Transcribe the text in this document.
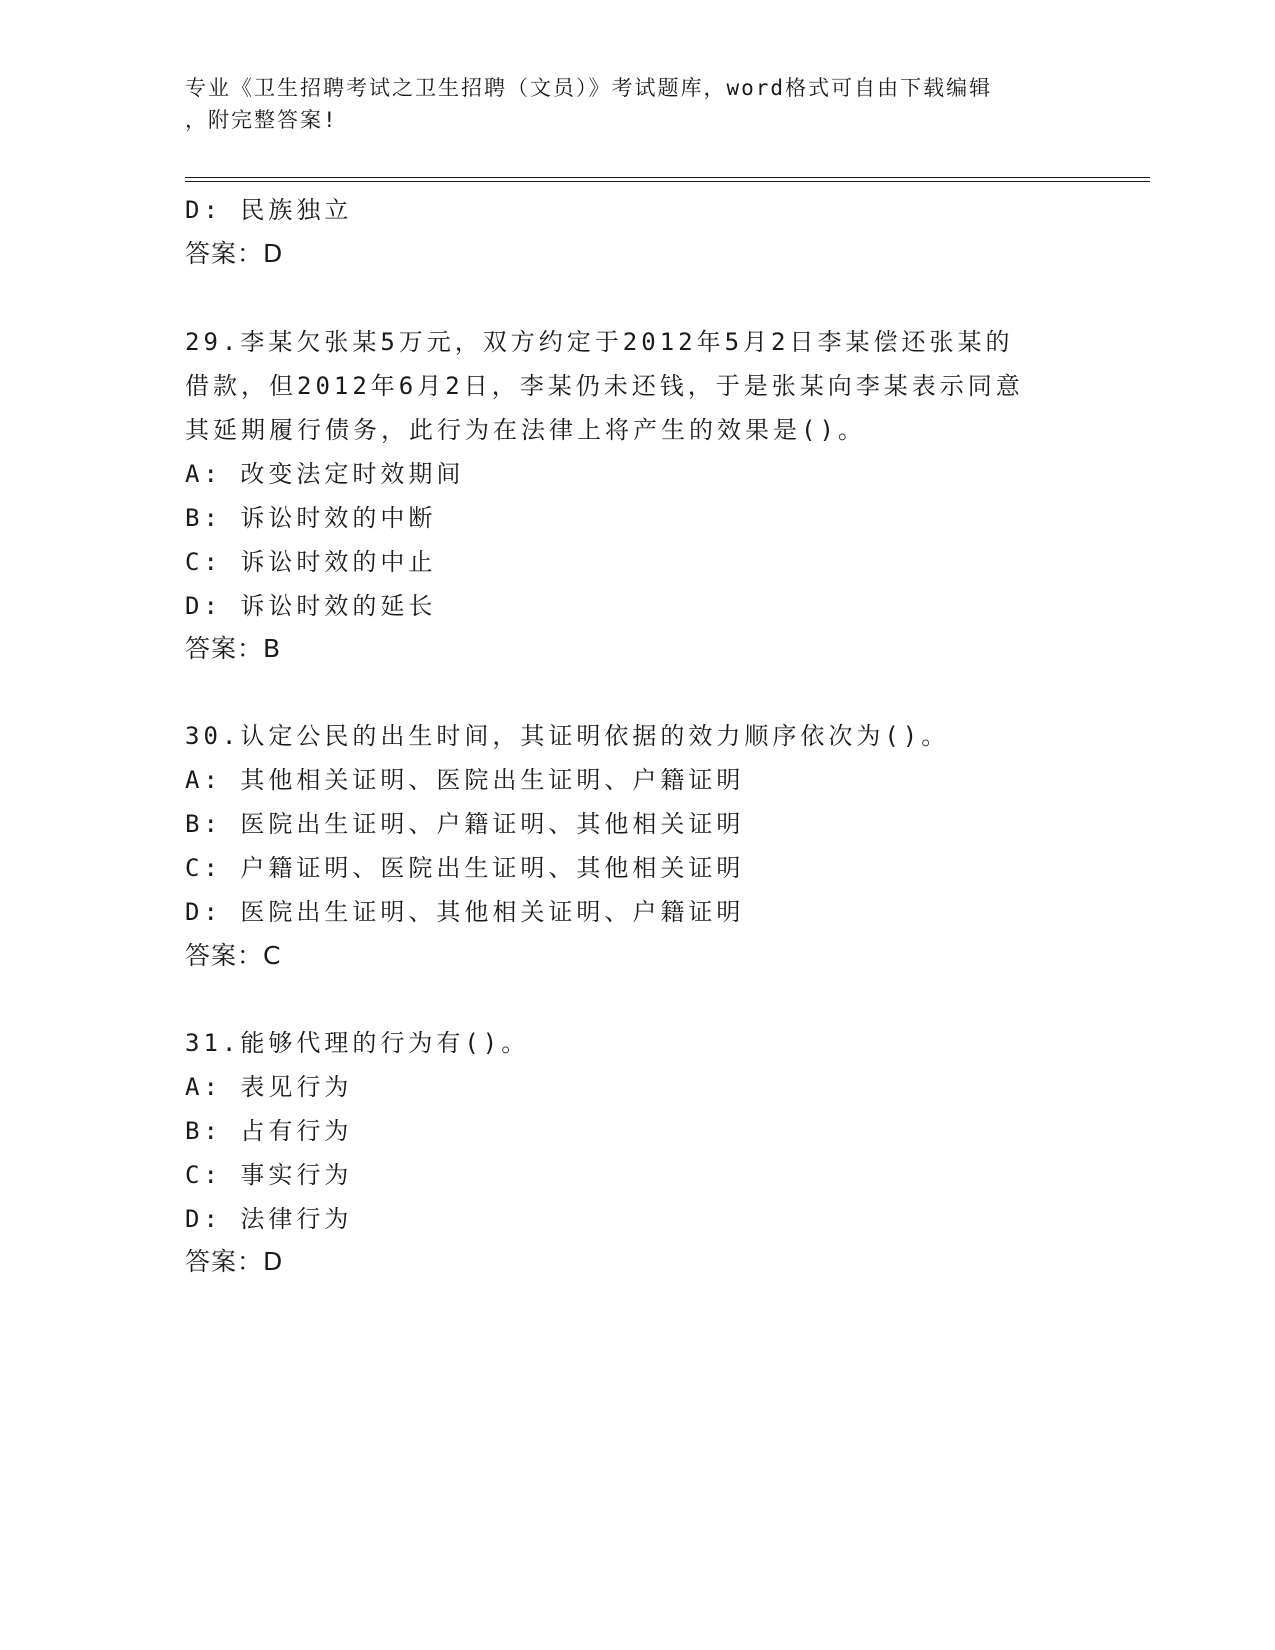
专业《卫生招聘考试之卫生招聘（文员）》考试题库，word格式可自由下载编辑
，附完整答案!
D: 民族独立
答案：D
29.李某欠张某5万元，双方约定于2012年5月2日李某偿还张某的
借款，但2012年6月2日，李某仍未还钱，于是张某向李某表示同意
其延期履行债务，此行为在法律上将产生的效果是()。
A: 改变法定时效期间
B: 诉讼时效的中断
C: 诉讼时效的中止
D: 诉讼时效的延长
答案：B
30.认定公民的出生时间，其证明依据的效力顺序依次为()。
A: 其他相关证明、医院出生证明、户籍证明
B: 医院出生证明、户籍证明、其他相关证明
C: 户籍证明、医院出生证明、其他相关证明
D: 医院出生证明、其他相关证明、户籍证明
答案：C
31.能够代理的行为有()。
A: 表见行为
B: 占有行为
C: 事实行为
D: 法律行为
答案：D
